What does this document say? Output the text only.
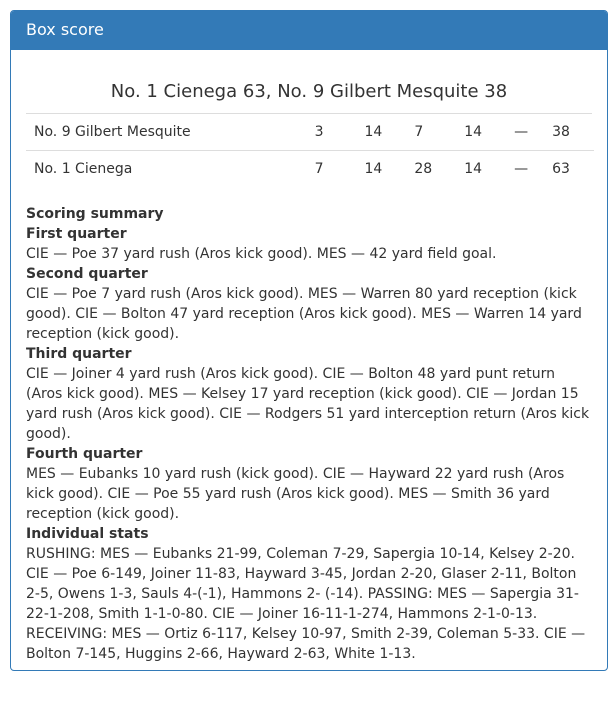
Box score
No. 1 Cienega 63, No. 9 Gilbert Mesquite 38
No. 9 Gilbert Mesquite	3	14	7	14	—	38
No. 1 Cienega	7	14	28	14	—	63

Scoring summary

First quarter

CIE — Poe 37 yard rush (Aros kick good). MES — 42 yard field goal.

Second quarter

CIE — Poe 7 yard rush (Aros kick good). MES — Warren 80 yard reception (kick good). CIE — Bolton 47 yard reception (Aros kick good). MES — Warren 14 yard reception (kick good).

Third quarter

CIE — Joiner 4 yard rush (Aros kick good). CIE — Bolton 48 yard punt return (Aros kick good). MES — Kelsey 17 yard reception (kick good). CIE — Jordan 15 yard rush (Aros kick good). CIE — Rodgers 51 yard interception return (Aros kick good).

Fourth quarter

MES — Eubanks 10 yard rush (kick good). CIE — Hayward 22 yard rush (Aros kick good). CIE — Poe 55 yard rush (Aros kick good). MES — Smith 36 yard reception (kick good).

Individual stats

RUSHING: MES — Eubanks 21-99, Coleman 7-29, Sapergia 10-14, Kelsey 2-20. CIE — Poe 6-149, Joiner 11-83, Hayward 3-45, Jordan 2-20, Glaser 2-11, Bolton 2-5, Owens 1-3, Sauls 4-(-1), Hammons 2- (-14). PASSING: MES — Sapergia 31-22-1-208, Smith 1-1-0-80. CIE — Joiner 16-11-1-274, Hammons 2-1-0-13. RECEIVING: MES — Ortiz 6-117, Kelsey 10-97, Smith 2-39, Coleman 5-33. CIE — Bolton 7-145, Huggins 2-66, Hayward 2-63, White 1-13.
